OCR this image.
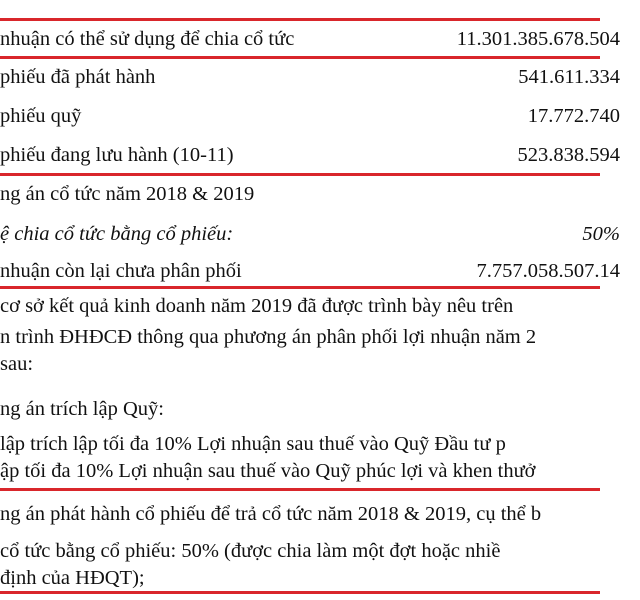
nhuận có thể sử dụng để chia cổ tức	11.301.385.678.504
phiếu đã phát hành	541.611.334
phiếu quỹ	17.772.740
phiếu đang lưu hành (10-11)	523.838.594
ng án cổ tức năm 2018 & 2019
ệ chia cổ tức bằng cổ phiếu:	50%
nhuận còn lại chưa phân phối	7.757.058.507.14
cơ sở kết quả kinh doanh năm 2019 đã được trình bày nêu trên
n trình ĐHĐCĐ thông qua phương án phân phối lợi nhuận năm 2
sau:
ng án trích lập Quỹ:
lập trích lập tối đa 10% Lợi nhuận sau thuế vào Quỹ Đầu tư p
ập tối đa 10% Lợi nhuận sau thuế vào Quỹ phúc lợi và khen thưở
ng án phát hành cổ phiếu để trả cổ tức năm 2018 & 2019, cụ thể b
cổ tức bằng cổ phiếu: 50% (được chia làm một đợt hoặc nhiề
định của HĐQT);
